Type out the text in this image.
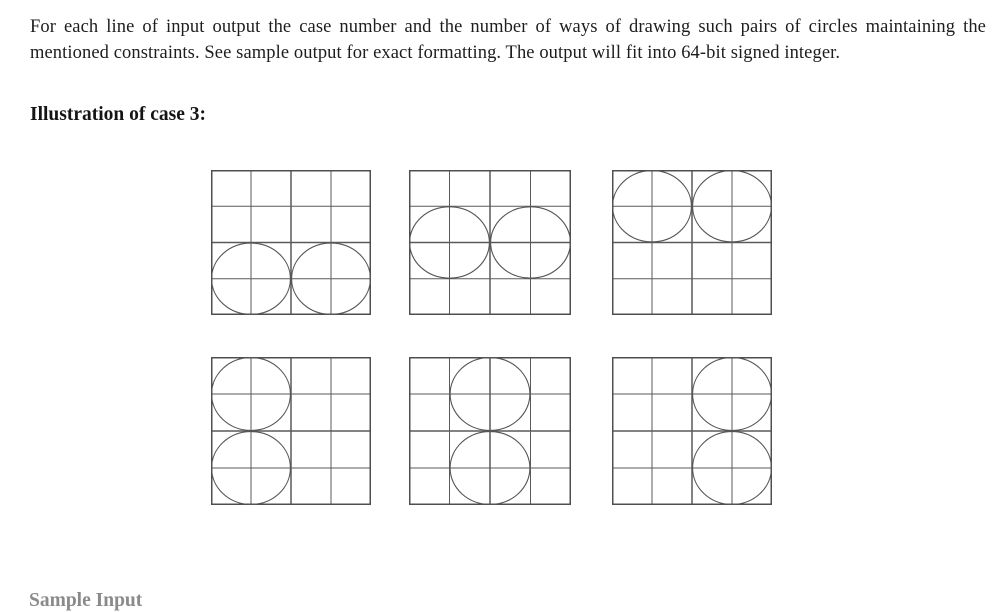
For each line of input output the case number and the number of ways of drawing such pairs of circles maintaining the mentioned constraints. See sample output for exact formatting. The output will fit into 64-bit signed integer.

Illustration of case 3:
Sample Input
